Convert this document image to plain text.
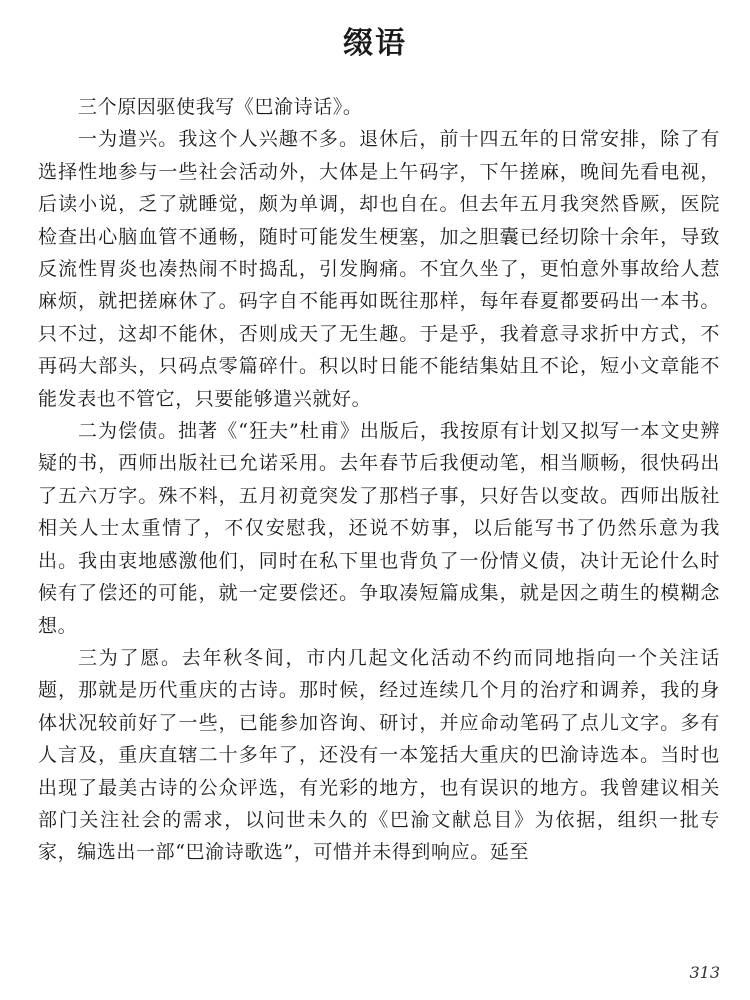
缀语

三个原因驱使我写《巴渝诗话》。

一为遣兴。我这个人兴趣不多。退休后，前十四五年的日常安排，除了有选择性地参与一些社会活动外，大体是上午码字，下午搓麻，晚间先看电视，后读小说，乏了就睡觉，颇为单调，却也自在。但去年五月我突然昏厥，医院检查出心脑血管不通畅，随时可能发生梗塞，加之胆囊已经切除十余年，导致反流性胃炎也凑热闹不时捣乱，引发胸痛。不宜久坐了，更怕意外事故给人惹麻烦，就把搓麻休了。码字自不能再如既往那样，每年春夏都要码出一本书。只不过，这却不能休，否则成天了无生趣。于是乎，我着意寻求折中方式，不再码大部头，只码点零篇碎什。积以时日能不能结集姑且不论，短小文章能不能发表也不管它，只要能够遣兴就好。

二为偿债。拙著《“狂夫”杜甫》出版后，我按原有计划又拟写一本文史辨疑的书，西师出版社已允诺采用。去年春节后我便动笔，相当顺畅，很快码出了五六万字。殊不料，五月初竟突发了那档子事，只好告以变故。西师出版社相关人士太重情了，不仅安慰我，还说不妨事，以后能写书了仍然乐意为我出。我由衷地感激他们，同时在私下里也背负了一份情义债，决计无论什么时候有了偿还的可能，就一定要偿还。争取凑短篇成集，就是因之萌生的模糊念想。

三为了愿。去年秋冬间，市内几起文化活动不约而同地指向一个关注话题，那就是历代重庆的古诗。那时候，经过连续几个月的治疗和调养，我的身体状况较前好了一些，已能参加咨询、研讨，并应命动笔码了点儿文字。多有人言及，重庆直辖二十多年了，还没有一本笼括大重庆的巴渝诗选本。当时也出现了最美古诗的公众评选，有光彩的地方，也有误识的地方。我曾建议相关部门关注社会的需求，以问世未久的《巴渝文献总目》为依据，组织一批专家，编选出一部“巴渝诗歌选”，可惜并未得到响应。延至

313
